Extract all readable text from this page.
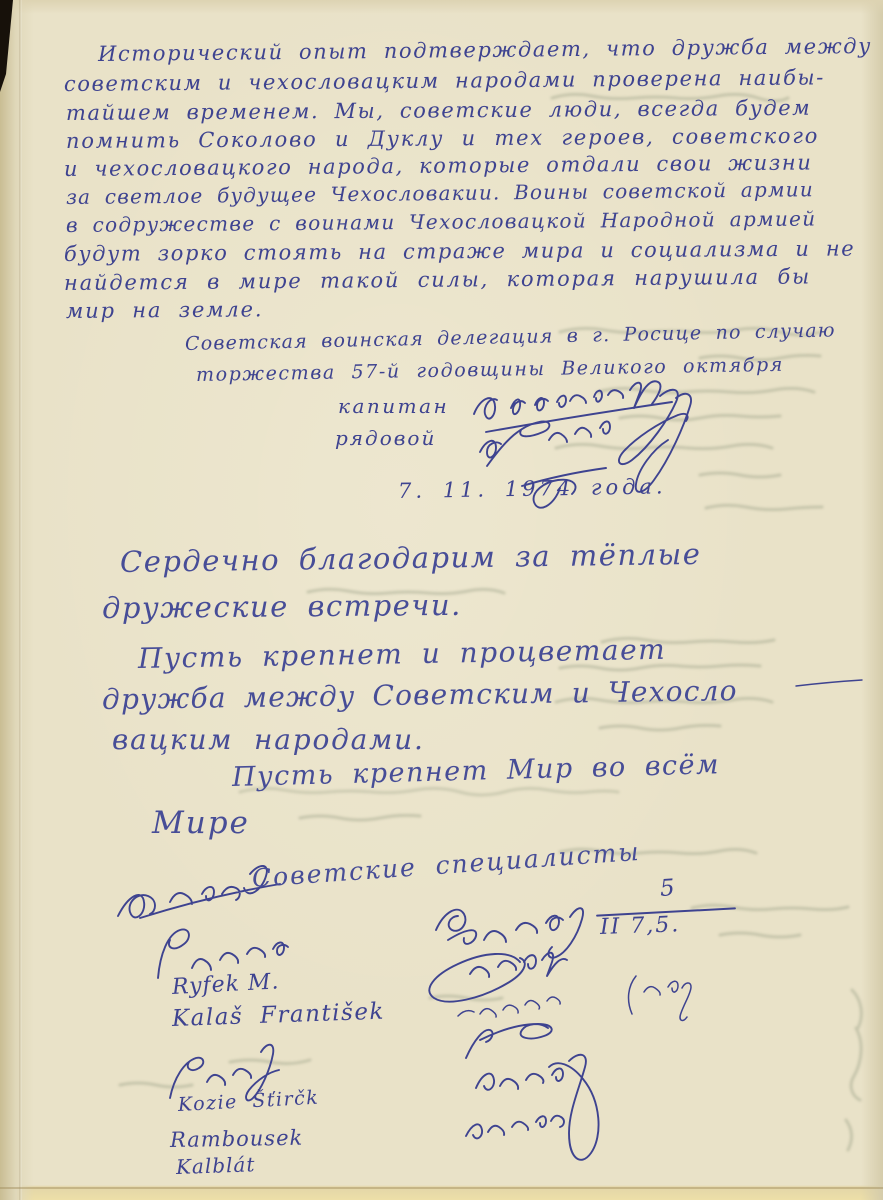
Исторический опыт подтверждает, что дружба между
советским и чехословацким народами проверена наибы-
тайшем временем. Мы, советские люди, всегда будем
помнить Соколово и Дуклу и тех героев, советского
и чехословацкого народа, которые отдали свои жизни
за светлое будущее Чехословакии. Воины советской армии
в содружестве с воинами Чехословацкой Народной армией
будут зорко стоять на страже мира и социализма и не
найдется в мире такой силы, которая нарушила бы
мир на земле.
Советская воинская делегация в г. Росице по случаю
торжества 57-й годовщины Великого октября
капитан
рядовой
7. 11. 1974 года.
Сердечно благодарим за тёплые
дружеские встречи.
Пусть крепнет и процветает
дружба между Советским и Чехосло
вацким народами.
Пусть крепнет Мир во всём
Мире
Советские специалисты 5
II 7,5.
Ryfek M.
Kalaš František
Kozie Šťirčk
Rambousek
Kalblát
